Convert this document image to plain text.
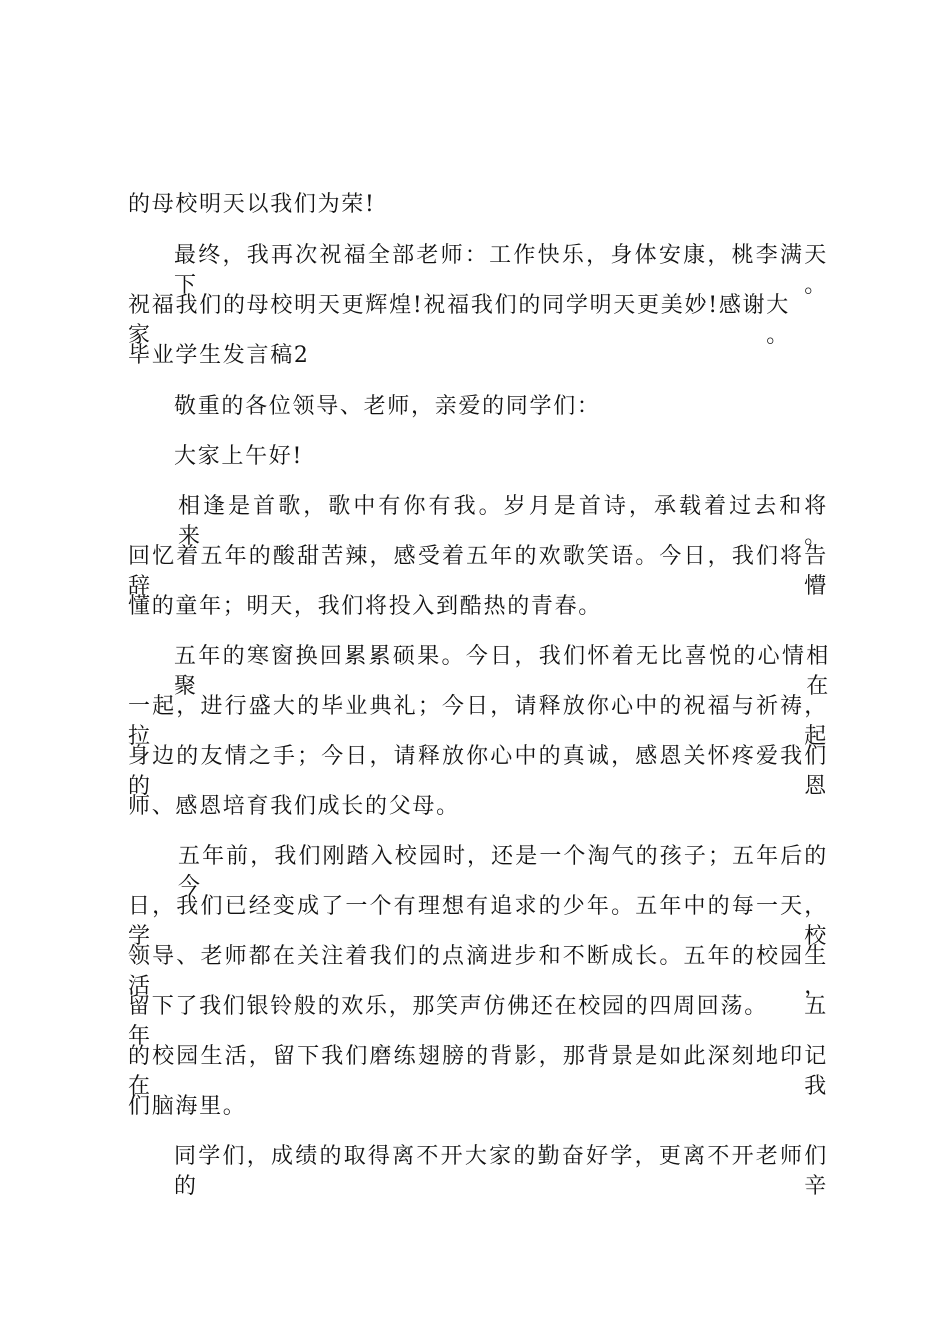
的母校明天以我们为荣!
最终，我再次祝福全部老师：工作快乐，身体安康，桃李满天下。
祝福我们的母校明天更辉煌!祝福我们的同学明天更美妙!感谢大家。
毕业学生发言稿2
敬重的各位领导、老师，亲爱的同学们：
大家上午好!
相逢是首歌，歌中有你有我。岁月是首诗，承载着过去和将来。
回忆着五年的酸甜苦辣，感受着五年的欢歌笑语。今日，我们将告辞懵
懂的童年；明天，我们将投入到酷热的青春。
五年的寒窗换回累累硕果。今日，我们怀着无比喜悦的心情相聚在
一起，进行盛大的毕业典礼；今日，请释放你心中的祝福与祈祷，拉起
身边的友情之手；今日，请释放你心中的真诚，感恩关怀疼爱我们的恩
师、感恩培育我们成长的父母。
五年前，我们刚踏入校园时，还是一个淘气的孩子；五年后的今
日，我们已经变成了一个有理想有追求的少年。五年中的每一天，学校
领导、老师都在关注着我们的点滴进步和不断成长。五年的校园生活，
留下了我们银铃般的欢乐，那笑声仿佛还在校园的四周回荡。　　五年
的校园生活，留下我们磨练翅膀的背影，那背景是如此深刻地印记在我
们脑海里。
同学们，成绩的取得离不开大家的勤奋好学，更离不开老师们的辛
